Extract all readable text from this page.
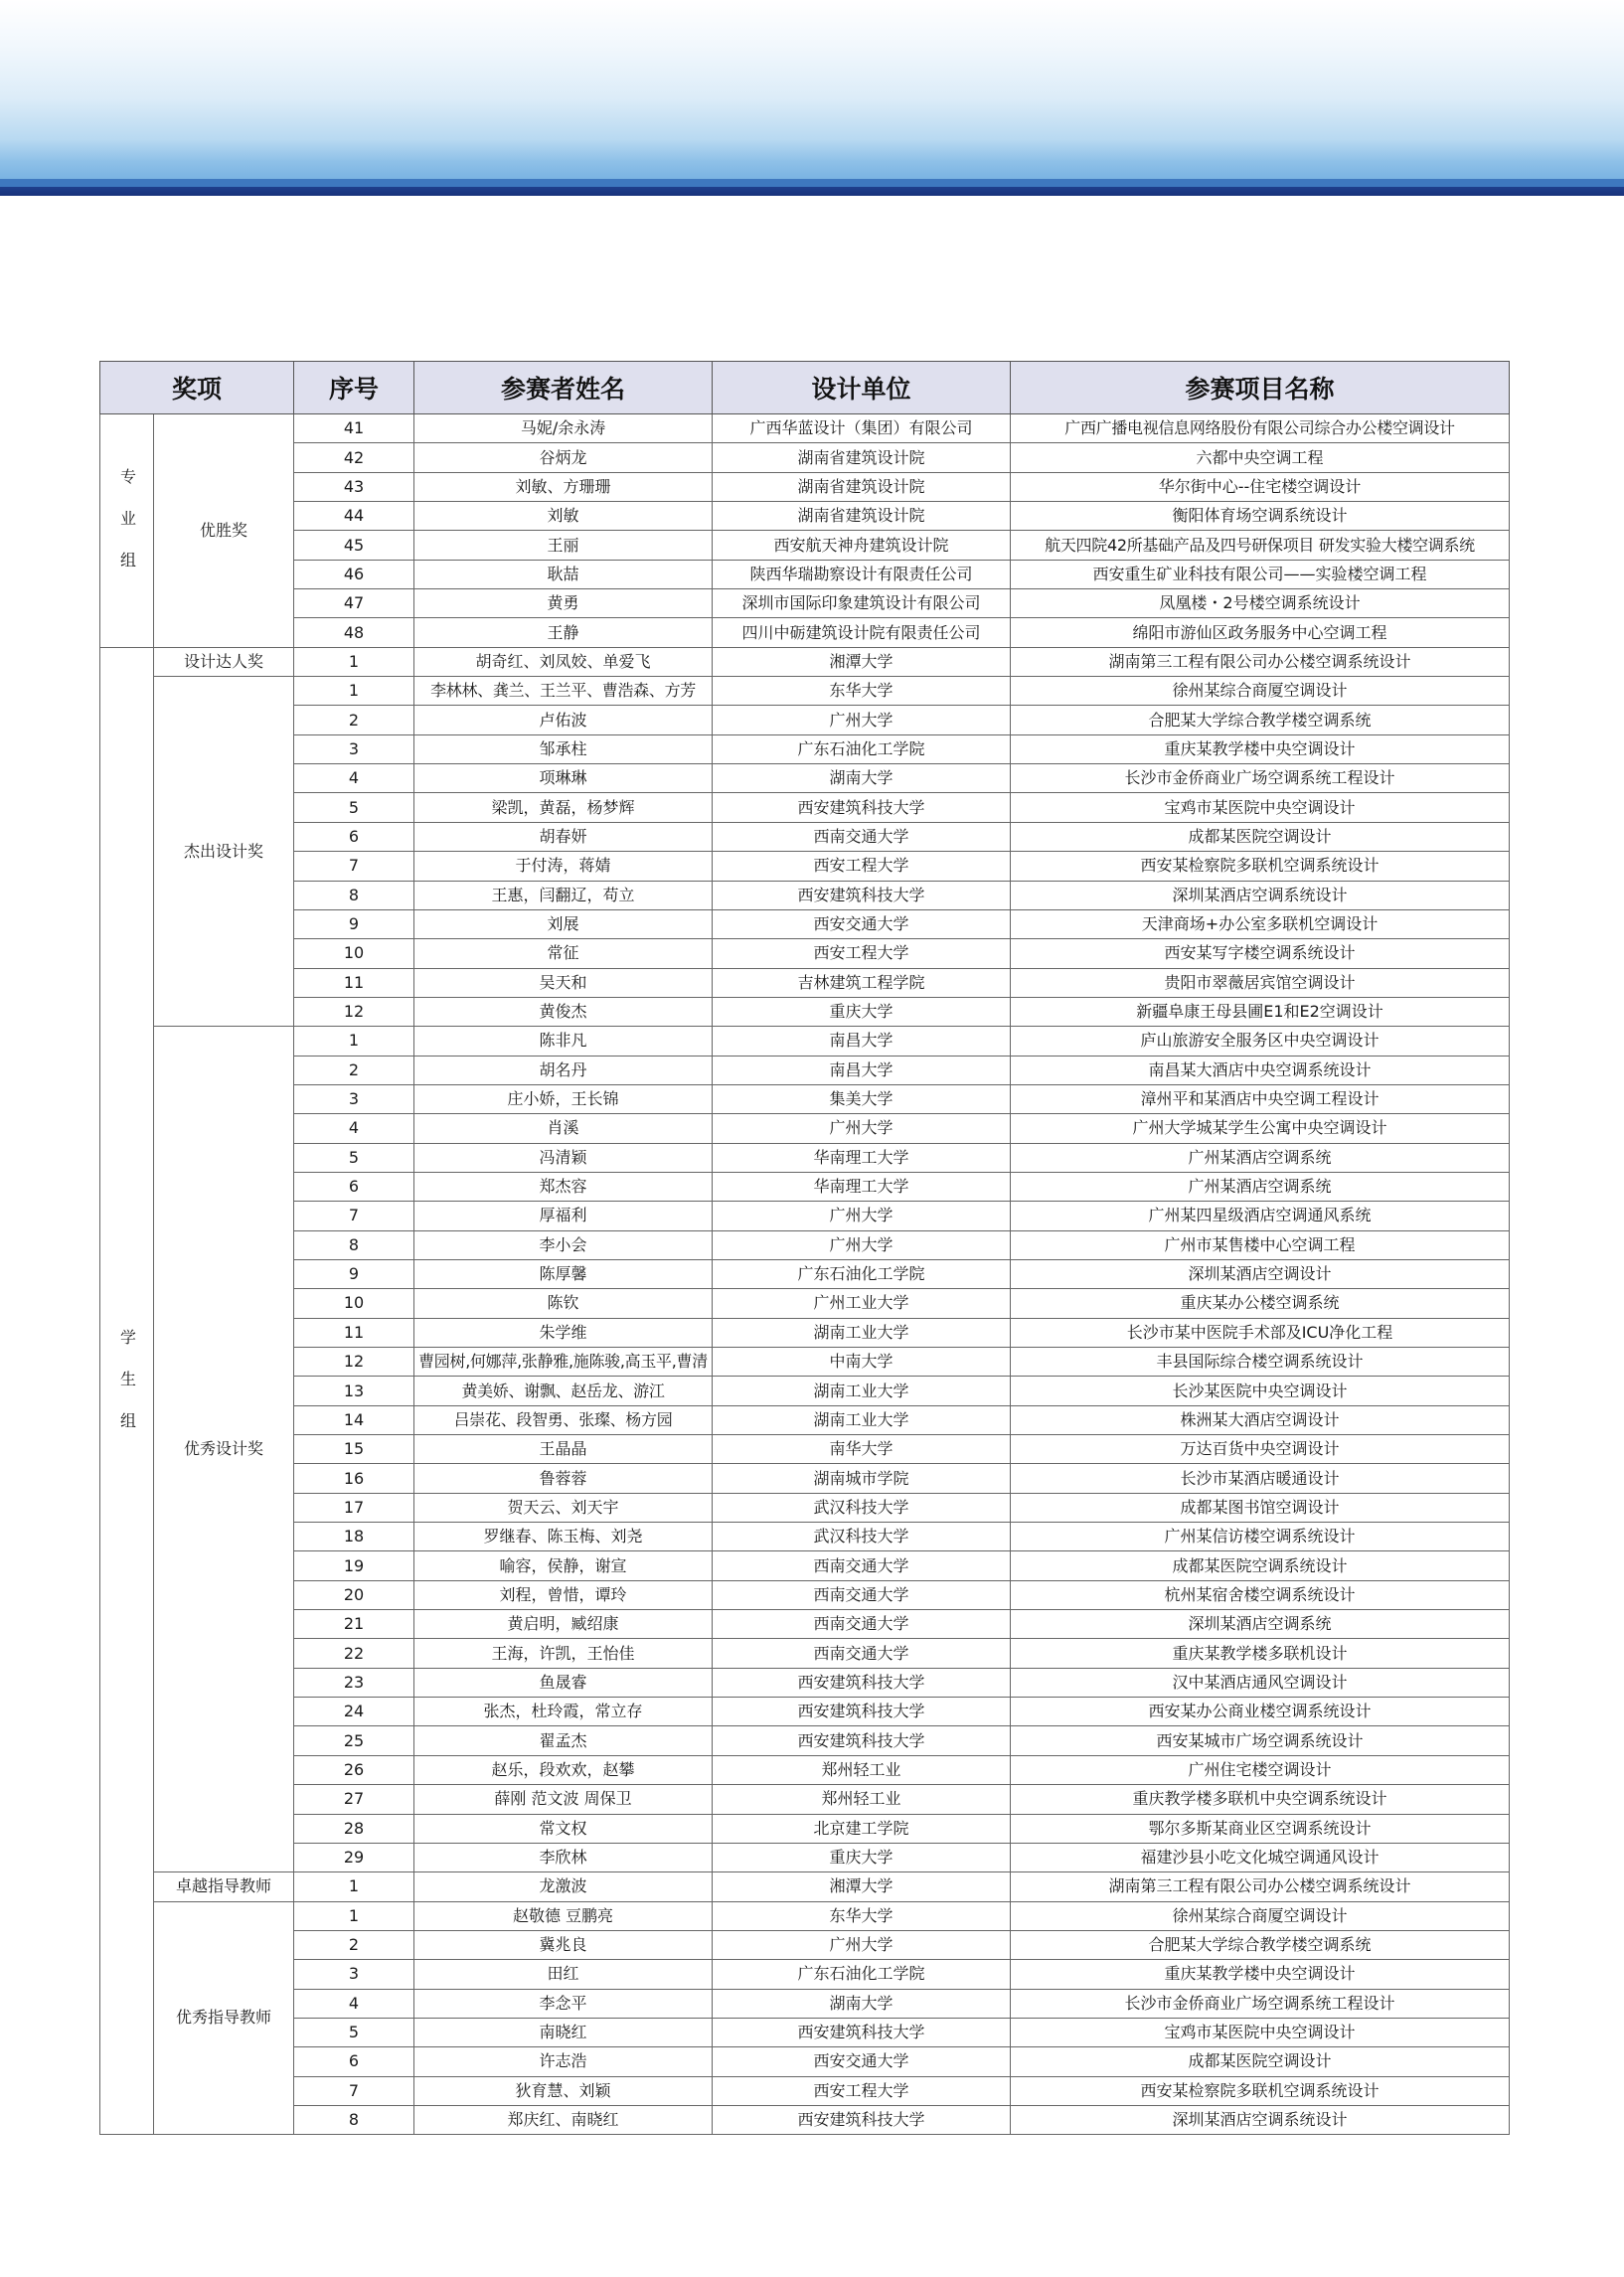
奖项		序号	参赛者姓名	设计单位	参赛项目名称
专业组	优胜奖	41	马妮/余永涛	广西华蓝设计（集团）有限公司	广西广播电视信息网络股份有限公司综合办公楼空调设计
		42	谷炳龙	湖南省建筑设计院	六都中央空调工程
		43	刘敏、方珊珊	湖南省建筑设计院	华尔街中心--住宅楼空调设计
		44	刘敏	湖南省建筑设计院	衡阳体育场空调系统设计
		45	王丽	西安航天神舟建筑设计院	航天四院42所基础产品及四号研保项目 研发实验大楼空调系统
		46	耿喆	陕西华瑞勘察设计有限责任公司	西安重生矿业科技有限公司——实验楼空调工程
		47	黄勇	深圳市国际印象建筑设计有限公司	凤凰楼・2号楼空调系统设计
		48	王静	四川中砺建筑设计院有限责任公司	绵阳市游仙区政务服务中心空调工程
学生组	设计达人奖	1	胡奇红、刘凤姣、单爱飞	湘潭大学	湖南第三工程有限公司办公楼空调系统设计
	杰出设计奖	1	李林林、龚兰、王兰平、曹浩森、方芳	东华大学	徐州某综合商厦空调设计
		2	卢佑波	广州大学	合肥某大学综合教学楼空调系统
		3	邹承柱	广东石油化工学院	重庆某教学楼中央空调设计
		4	项琳琳	湖南大学	长沙市金侨商业广场空调系统工程设计
		5	梁凯，黄磊，杨梦辉	西安建筑科技大学	宝鸡市某医院中央空调设计
		6	胡春妍	西南交通大学	成都某医院空调设计
		7	于付涛，蒋婧	西安工程大学	西安某检察院多联机空调系统设计
		8	王惠，闫翻辽，苟立	西安建筑科技大学	深圳某酒店空调系统设计
		9	刘展	西安交通大学	天津商场+办公室多联机空调设计
		10	常征	西安工程大学	西安某写字楼空调系统设计
		11	吴天和	吉林建筑工程学院	贵阳市翠薇居宾馆空调设计
		12	黄俊杰	重庆大学	新疆阜康王母县圃E1和E2空调设计
	优秀设计奖	1	陈非凡	南昌大学	庐山旅游安全服务区中央空调设计
		2	胡名丹	南昌大学	南昌某大酒店中央空调系统设计
		3	庄小娇，王长锦	集美大学	漳州平和某酒店中央空调工程设计
		4	肖溪	广州大学	广州大学城某学生公寓中央空调设计
		5	冯清颖	华南理工大学	广州某酒店空调系统
		6	郑杰容	华南理工大学	广州某酒店空调系统
		7	厚福利	广州大学	广州某四星级酒店空调通风系统
		8	李小会	广州大学	广州市某售楼中心空调工程
		9	陈厚馨	广东石油化工学院	深圳某酒店空调设计
		10	陈钦	广州工业大学	重庆某办公楼空调系统
		11	朱学维	湖南工业大学	长沙市某中医院手术部及ICU净化工程
		12	曹园树,何娜萍,张静雅,施陈骏,高玉平,曹清	中南大学	丰县国际综合楼空调系统设计
		13	黄美娇、谢飘、赵岳龙、游江	湖南工业大学	长沙某医院中央空调设计
		14	吕崇花、段智勇、张璨、杨方园	湖南工业大学	株洲某大酒店空调设计
		15	王晶晶	南华大学	万达百货中央空调设计
		16	鲁蓉蓉	湖南城市学院	长沙市某酒店暖通设计
		17	贺天云、刘天宇	武汉科技大学	成都某图书馆空调设计
		18	罗继春、陈玉梅、刘尧	武汉科技大学	广州某信访楼空调系统设计
		19	喻容，侯静，谢宣	西南交通大学	成都某医院空调系统设计
		20	刘程，曾惜，谭玲	西南交通大学	杭州某宿舍楼空调系统设计
		21	黄启明，臧绍康	西南交通大学	深圳某酒店空调系统
		22	王海，许凯，王怡佳	西南交通大学	重庆某教学楼多联机设计
		23	鱼晟睿	西安建筑科技大学	汉中某酒店通风空调设计
		24	张杰，杜玲霞，常立存	西安建筑科技大学	西安某办公商业楼空调系统设计
		25	翟孟杰	西安建筑科技大学	西安某城市广场空调系统设计
		26	赵乐，段欢欢，赵攀	郑州轻工业	广州住宅楼空调设计
		27	薛刚 范文波 周保卫	郑州轻工业	重庆教学楼多联机中央空调系统设计
		28	常文权	北京建工学院	鄂尔多斯某商业区空调系统设计
		29	李欣林	重庆大学	福建沙县小吃文化城空调通风设计
	卓越指导教师	1	龙激波	湘潭大学	湖南第三工程有限公司办公楼空调系统设计
	优秀指导教师	1	赵敬德 豆鹏亮	东华大学	徐州某综合商厦空调设计
		2	冀兆良	广州大学	合肥某大学综合教学楼空调系统
		3	田红	广东石油化工学院	重庆某教学楼中央空调设计
		4	李念平	湖南大学	长沙市金侨商业广场空调系统工程设计
		5	南晓红	西安建筑科技大学	宝鸡市某医院中央空调设计
		6	许志浩	西安交通大学	成都某医院空调设计
		7	狄育慧、刘颖	西安工程大学	西安某检察院多联机空调系统设计
		8	郑庆红、南晓红	西安建筑科技大学	深圳某酒店空调系统设计
